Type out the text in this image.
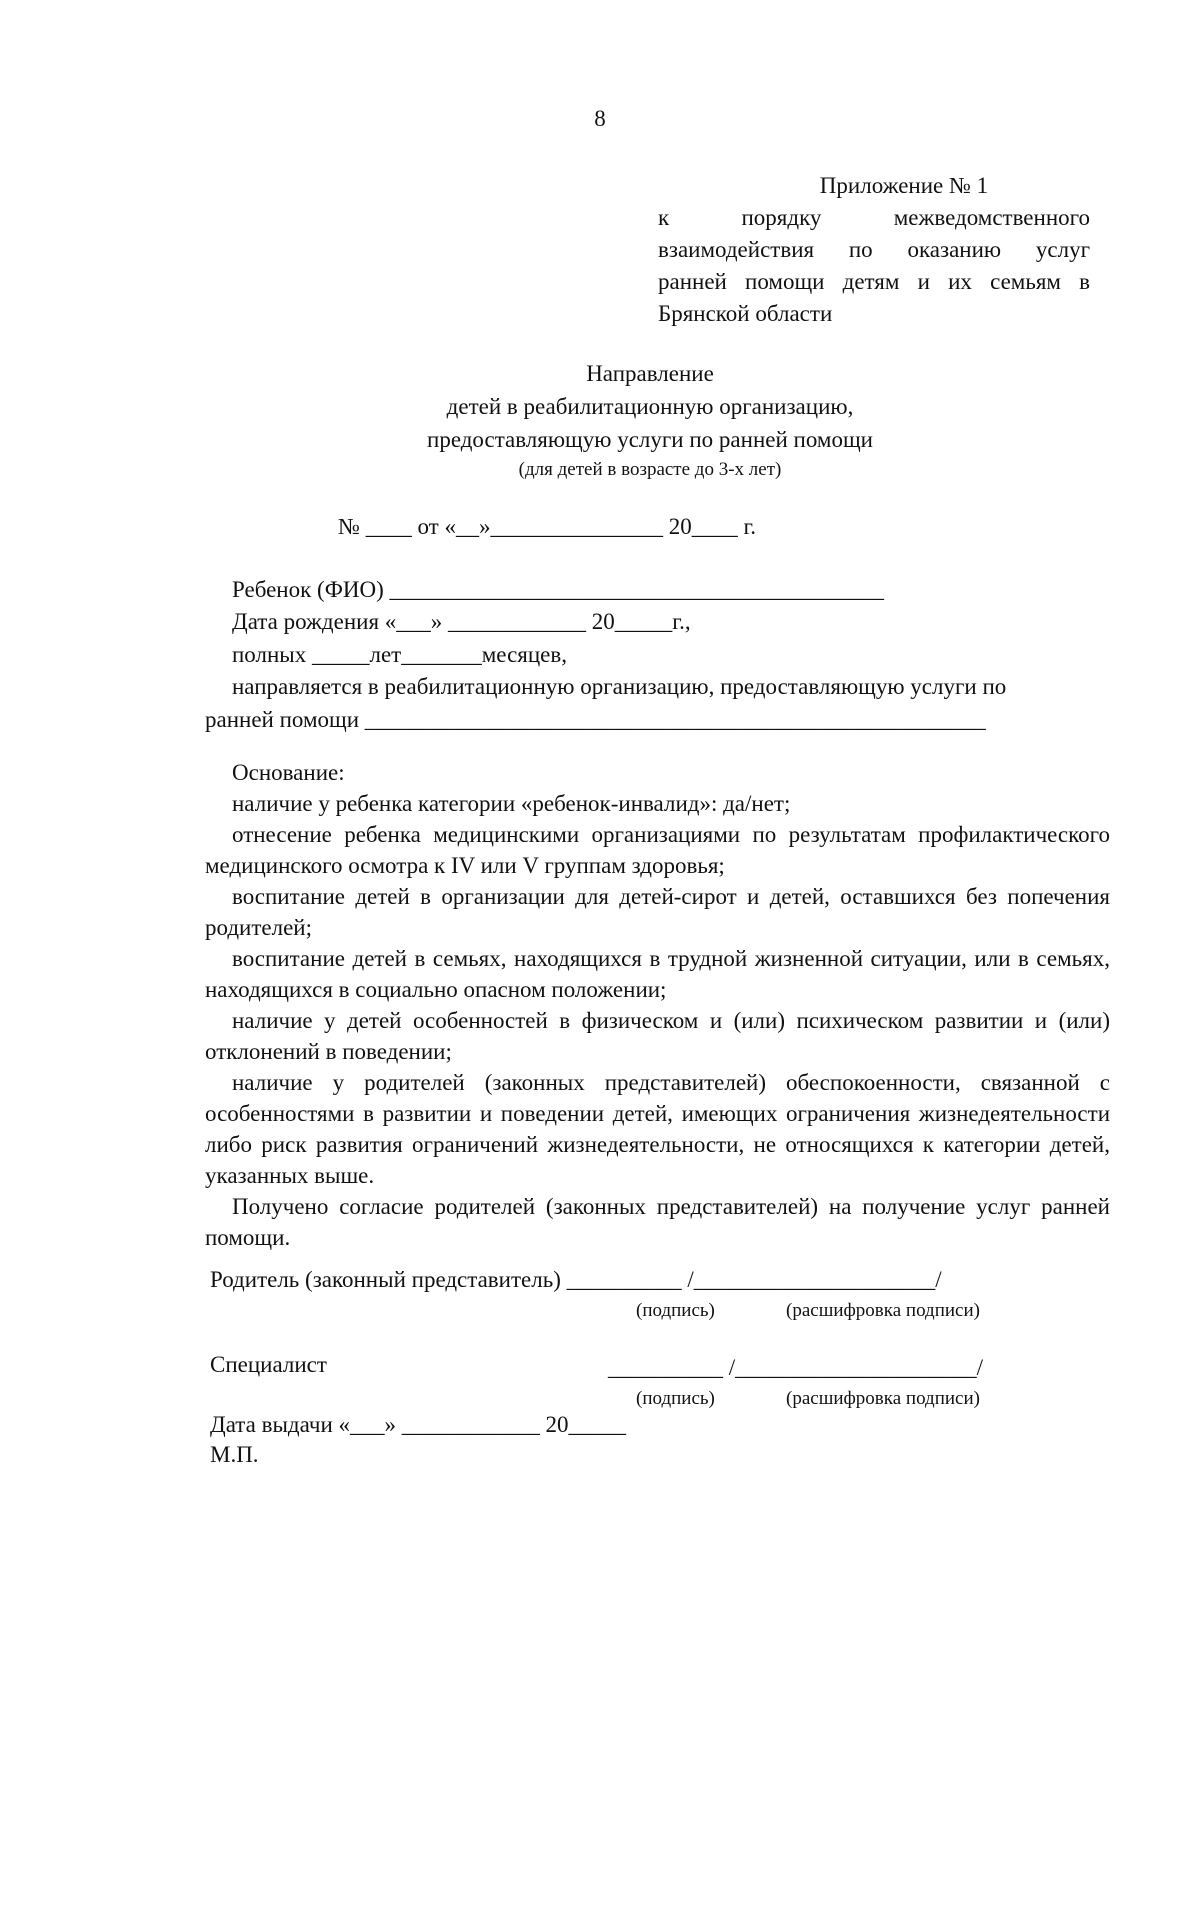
8
Приложение № 1
к порядку межведомственного
взаимодействия по оказанию услуг
ранней помощи детям и их семьям в
Брянской области
Направление
детей в реабилитационную организацию,
предоставляющую услуги по ранней помощи
(для детей в возрасте до 3-х лет)
№ ____ от «__»_______________ 20____ г.
Ребенок (ФИО) ___________________________________________
Дата рождения «___» ____________ 20_____г.,
полных _____лет_______месяцев,
направляется в реабилитационную организацию, предоставляющую услуги по
ранней помощи ______________________________________________________

Основание:

наличие у ребенка категории «ребенок-инвалид»: да/нет;

отнесение ребенка медицинскими организациями по результатам профилактического медицинского осмотра к IV или V группам здоровья;

воспитание детей в организации для детей-сирот и детей, оставшихся без попечения родителей;

воспитание детей в семьях, находящихся в трудной жизненной ситуации, или в семьях, находящихся в социально опасном положении;

наличие у детей особенностей в физическом и (или) психическом развитии и (или) отклонений в поведении;

наличие у родителей (законных представителей) обеспокоенности, связанной с особенностями в развитии и поведении детей, имеющих ограничения жизнедеятельности либо риск развития ограничений жизнедеятельности, не относящихся к категории детей, указанных выше.

Получено согласие родителей (законных представителей) на получение услуг ранней помощи.

Родитель (законный представитель) __________ /_____________________/
(подпись)	(расшифровка подписи)
Специалист	__________ /_____________________/
(подпись)	(расшифровка подписи)
Дата выдачи «___» ____________ 20_____
М.П.
